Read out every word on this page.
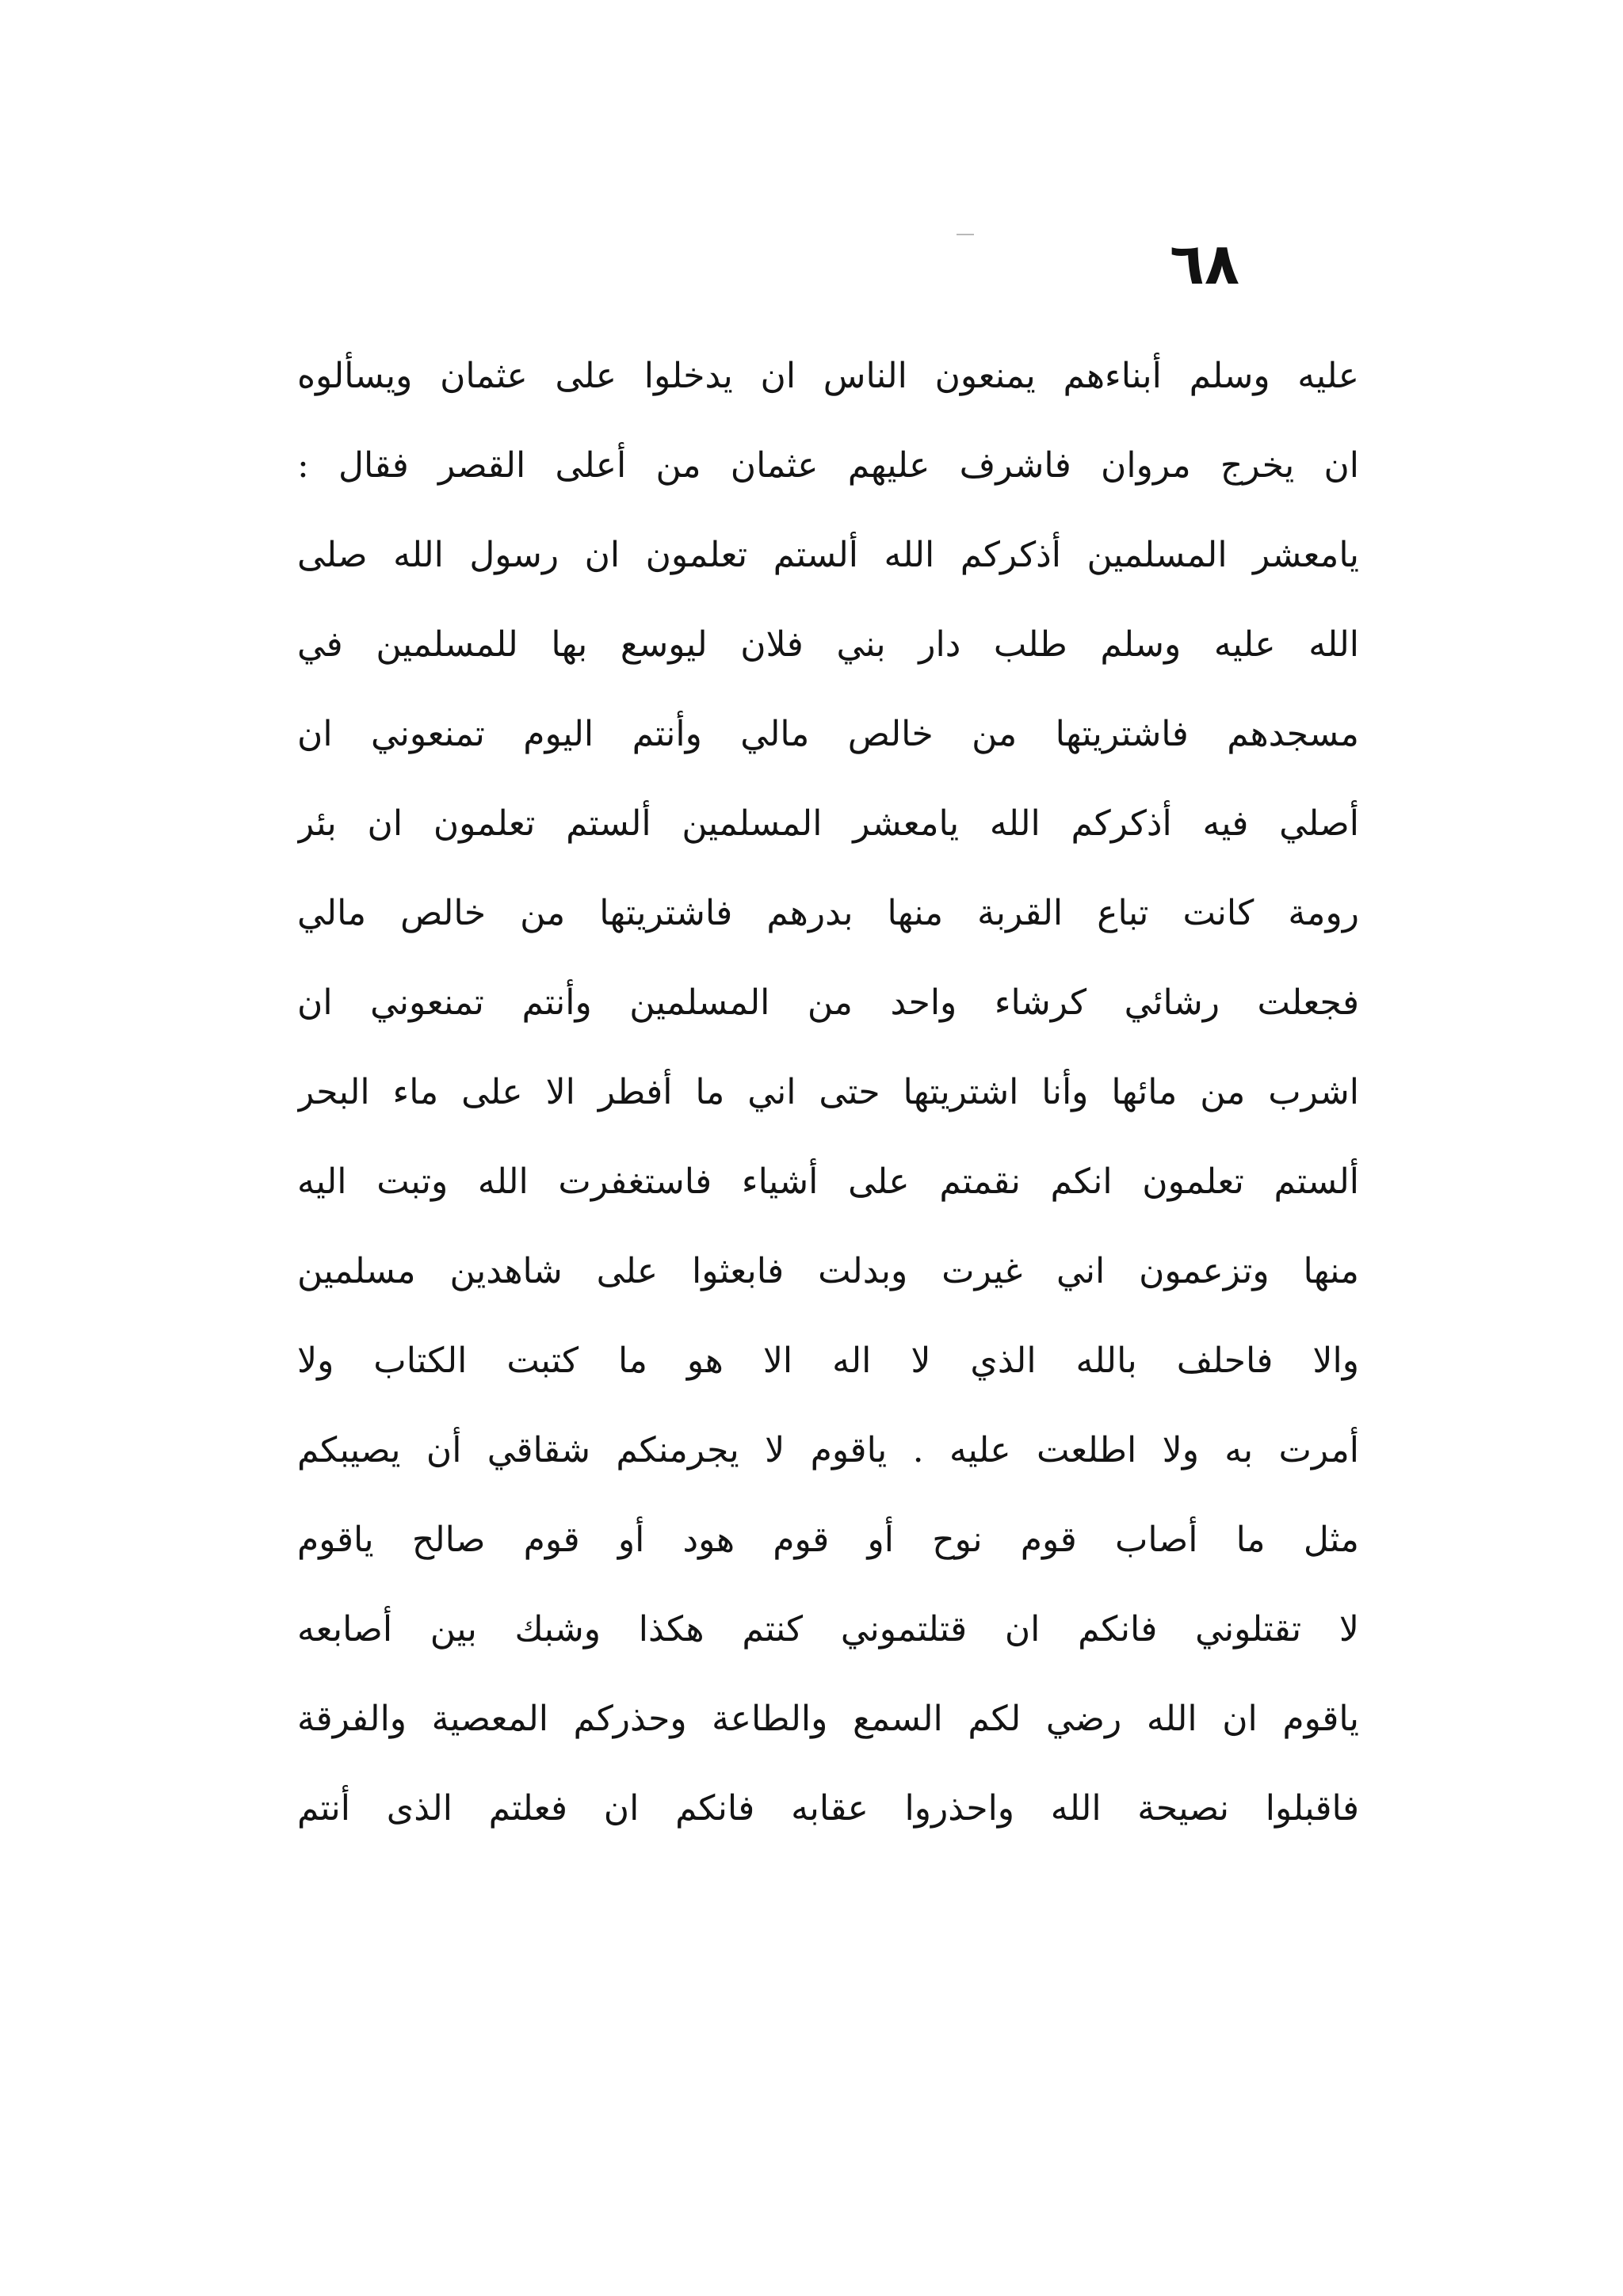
٦٨
عليه وسلم أبناءهم يمنعون الناس ان يدخلوا على عثمان ويسألوه
ان يخرج مروان فاشرف عليهم عثمان من أعلى القصر فقال :
يامعشر المسلمين أذكركم الله ألستم تعلمون ان رسول الله صلى
الله عليه وسلم طلب دار بني فلان ليوسع بها للمسلمين في
مسجدهم فاشتريتها من خالص مالي وأنتم اليوم تمنعوني ان
أصلي فيه أذكركم الله يامعشر المسلمين ألستم تعلمون ان بئر
رومة كانت تباع القربة منها بدرهم فاشتريتها من خالص مالي
فجعلت رشائي كرشاء واحد من المسلمين وأنتم تمنعوني ان
اشرب من مائها وأنا اشتريتها حتى اني ما أفطر الا على ماء البحر
ألستم تعلمون انكم نقمتم على أشياء فاستغفرت الله وتبت اليه
منها وتزعمون اني غيرت وبدلت فابعثوا على شاهدين مسلمين
والا فاحلف بالله الذي لا اله الا هو ما كتبت الكتاب ولا
أمرت به ولا اطلعت عليه . ياقوم لا يجرمنكم شقاقي أن يصيبكم
مثل ما أصاب قوم نوح أو قوم هود أو قوم صالح ياقوم
لا تقتلوني فانكم ان قتلتموني كنتم هكذا وشبك بين أصابعه
ياقوم ان الله رضي لكم السمع والطاعة وحذركم المعصية والفرقة
فاقبلوا نصيحة الله واحذروا عقابه فانكم ان فعلتم الذى أنتم
